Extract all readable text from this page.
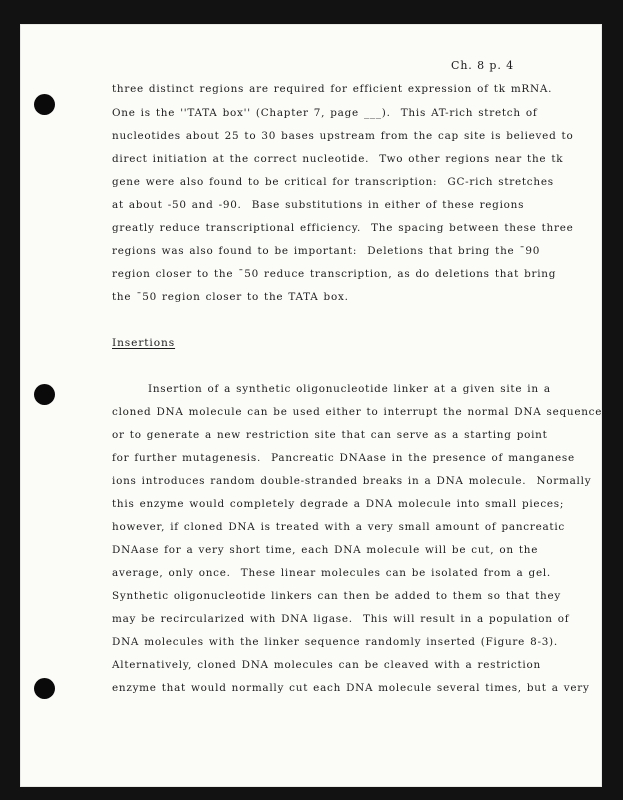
Ch. 8 p. 4
three distinct regions are required for efficient expression of tk mRNA.
One is the ''TATA box'' (Chapter 7, page ___).  This AT-rich stretch of
nucleotides about 25 to 30 bases upstream from the cap site is believed to
direct initiation at the correct nucleotide.  Two other regions near the tk
gene were also found to be critical for transcription:  GC-rich stretches
at about -50 and -90.  Base substitutions in either of these regions
greatly reduce transcriptional efficiency.  The spacing between these three
regions was also found to be important:  Deletions that bring the ¯90
region closer to the ¯50 reduce transcription, as do deletions that bring
the ¯50 region closer to the TATA box.
Insertions
Insertion of a synthetic oligonucleotide linker at a given site in a
cloned DNA molecule can be used either to interrupt the normal DNA sequence
or to generate a new restriction site that can serve as a starting point
for further mutagenesis.  Pancreatic DNAase in the presence of manganese
ions introduces random double-stranded breaks in a DNA molecule.  Normally
this enzyme would completely degrade a DNA molecule into small pieces;
however, if cloned DNA is treated with a very small amount of pancreatic
DNAase for a very short time, each DNA molecule will be cut, on the
average, only once.  These linear molecules can be isolated from a gel.
Synthetic oligonucleotide linkers can then be added to them so that they
may be recircularized with DNA ligase.  This will result in a population of
DNA molecules with the linker sequence randomly inserted (Figure 8-3).
Alternatively, cloned DNA molecules can be cleaved with a restriction
enzyme that would normally cut each DNA molecule several times, but a very
